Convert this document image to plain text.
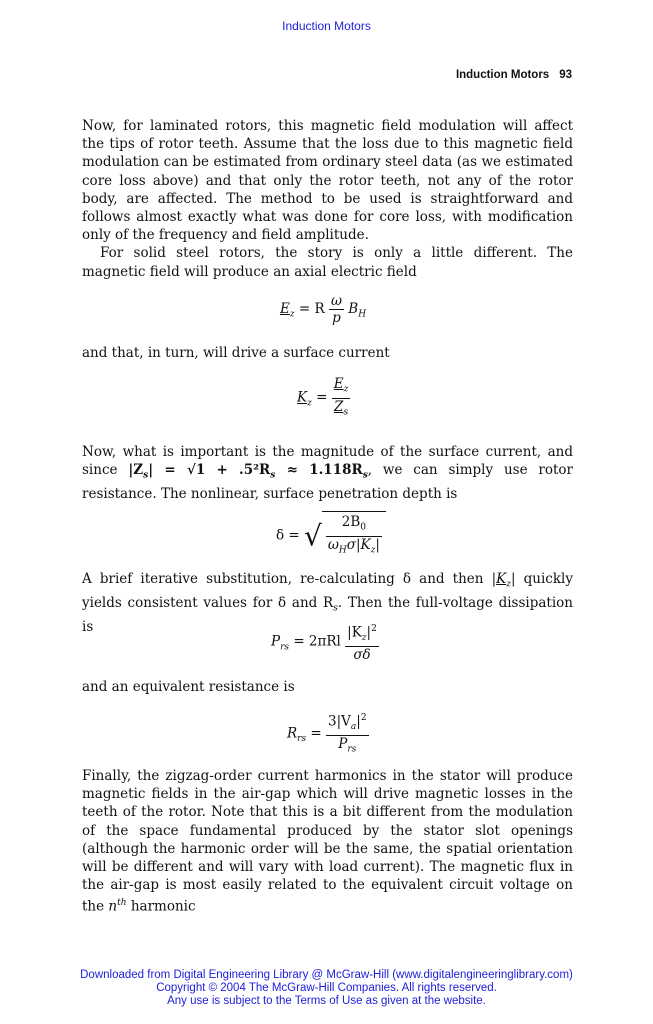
Induction Motors
Induction Motors 93

Now, for laminated rotors, this magnetic field modulation will affect the tips of rotor teeth. Assume that the loss due to this magnetic field modulation can be estimated from ordinary steel data (as we estimated core loss above) and that only the rotor teeth, not any of the rotor body, are affected. The method to be used is straightforward and follows almost exactly what was done for core loss, with modification only of the frequency and field amplitude.

For solid steel rotors, the story is only a little different. The magnetic field will produce an axial electric field

$E_z = R \frac{\omega}{p} B_H$

and that, in turn, will drive a surface current

$K_z = \frac{E_z}{Z_s}$

Now, what is important is the magnitude of the surface current, and since $|Z_s| = √1 + .5^2R_s \approx 1.118R_s$, we can simply use rotor resistance. The nonlinear, surface penetration depth is

δ = √ $\frac{2B_0}{\omega_H\sigma|K_z|}$

A brief iterative substitution, re-calculating δ and then $|K_z|$ quickly yields consistent values for δ and $R_s$. Then the full-voltage dissipation is

$P_{rs} = 2\pi Rl \frac{|K_z|^2}{\sigma\delta}$

and an equivalent resistance is

$R_{rs} = \frac{3|V_a|^2}{P_{rs}}$

Finally, the zigzag-order current harmonics in the stator will produce magnetic fields in the air-gap which will drive magnetic losses in the teeth of the rotor. Note that this is a bit different from the modulation of the space fundamental produced by the stator slot openings (although the harmonic order will be the same, the spatial orientation will be different and will vary with load current). The magnetic flux in the air-gap is most easily related to the equivalent circuit voltage on the $n^{th}$ harmonic

Downloaded from Digital Engineering Library @ McGraw-Hill (www.digitalengineeringlibrary.com)
Copyright © 2004 The McGraw-Hill Companies. All rights reserved.
Any use is subject to the Terms of Use as given at the website.
